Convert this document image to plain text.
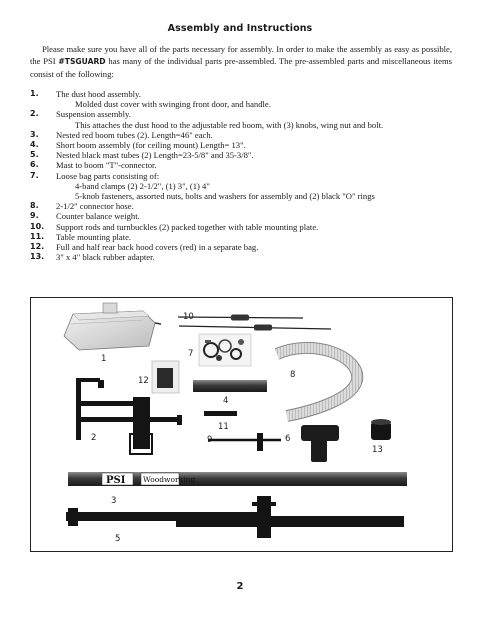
Assembly and Instructions

Please make sure you have all of the parts necessary for assembly. In order to make the assembly as easy as possible, the PSI #TSGUARD has many of the individual parts pre-assembled. The pre-assembled parts and miscellaneous items consist of the following:

1. The dust hood assembly.
Molded dust cover with swinging front door, and handle.
2. Suspension assembly.
This attaches the dust hood to the adjustable red boom, with (3) knobs, wing nut and bolt.
3. Nested red boom tubes (2). Length=46" each.
4. Short boom assembly (for ceiling mount) Length= 13".
5. Nested black mast tubes (2) Length=23-5/8" and 35-3/8".
6. Mast to boom "T"-connector.
7. Loose bag parts consisting of:
4-band clamps (2) 2-1/2", (1) 3", (1) 4"
5-knob fasteners, assorted nuts, bolts and washers for assembly and (2) black "O" rings
8. 2-1/2" connector hose.
9. Counter balance weight.
10. Support rods and turnbuckles (2) packed together with table mounting plate.
11. Table mounting plate.
12. Full and half rear back hood covers (red) in a separate bag.
13. 3" x 4" black rubber adapter.
PSI Woodworking
1
2
3
4
5
6
7
8
9
10
11
12
13
2
